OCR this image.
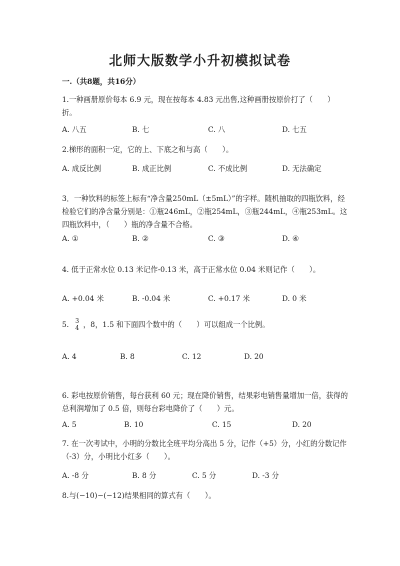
北师大版数学小升初模拟试卷
一.（共8题，共16分）
1.一种画册原价每本 6.9 元，现在按每本 4.83 元出售,这种画册按原价打了（　　）折。
A. 八五	B. 七	C. 八	D. 七五
2.梯形的面积一定，它的上、下底之和与高（　　）。
A. 成反比例	B. 成正比例	C. 不成比例	D. 无法确定
3．一种饮料的标签上标有“净含量250mL（±5mL）”的字样。随机抽取的四瓶饮料，经检验它们的净含量分别是：①瓶246mL，②瓶254mL，③瓶244mL，④瓶253mL。这四瓶饮料中，（　　）瓶的净含量不合格。
A. ①	B. ②	C. ③	D. ④
4. 低于正常水位 0.13 米记作-0.13 米，高于正常水位 0.04 米则记作（　　）。
A. +0.04 米	B. -0.04 米	C. +0.17 米	D. 0 米
5. 3
4 ，8，1.5 和下面四个数中的（　　）可以组成一个比例。
A. 4	B. 8	C. 12	D. 20
6. 彩电按原价销售，每台获利 60 元；现在降价销售，结果彩电销售量增加一倍，获得的总利润增加了 0.5 倍，则每台彩电降价了（　　）元。
A. 5	B. 10	C. 15	D. 20
7. 在一次考试中，小明的分数比全班平均分高出 5 分，记作（+5）分，小红的分数记作（-3）分，小明比小红多（　　）。
A. -8 分	B. 8 分	C. 5 分	D. -3 分
8.与(−10)−(−12)结果相同的算式有（　　）。
